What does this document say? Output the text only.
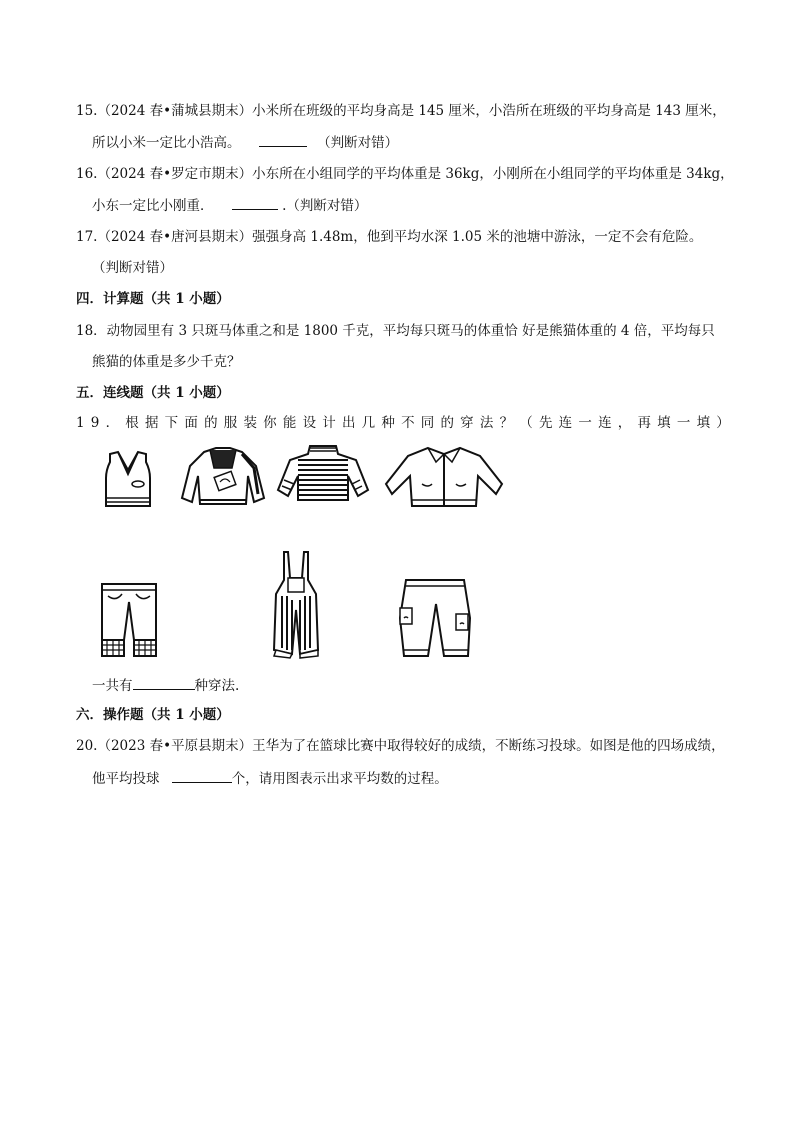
15.（2024 春•蒲城县期末）小米所在班级的平均身高是 145 厘米，小浩所在班级的平均身高是 143 厘米，
所以小米一定比小浩高。	（判断对错）
16.（2024 春•罗定市期末）小东所在小组同学的平均体重是 36kg，小刚所在小组同学的平均体重是 34kg，
小东一定比小刚重．	.（判断对错）
17.（2024 春•唐河县期末）强强身高 1.48m，他到平均水深 1.05 米的池塘中游泳，一定不会有危险。
（判断对错）
四．计算题（共 1 小题）
18．动物园里有 3 只斑马体重之和是 1800 千克，平均每只斑马的体重恰 好是熊猫体重的 4 倍，平均每只
熊猫的体重是多少千克？
五．连线题（共 1 小题）
19．根据下面的服装你能设计出几种不同的穿法？（先连一连，再填一填）
一共有	种穿法.
六．操作题（共 1 小题）
20.（2023 春•平原县期末）王华为了在篮球比赛中取得较好的成绩，不断练习投球。如图是他的四场成绩，
他平均投球	个，请用图表示出求平均数的过程。
